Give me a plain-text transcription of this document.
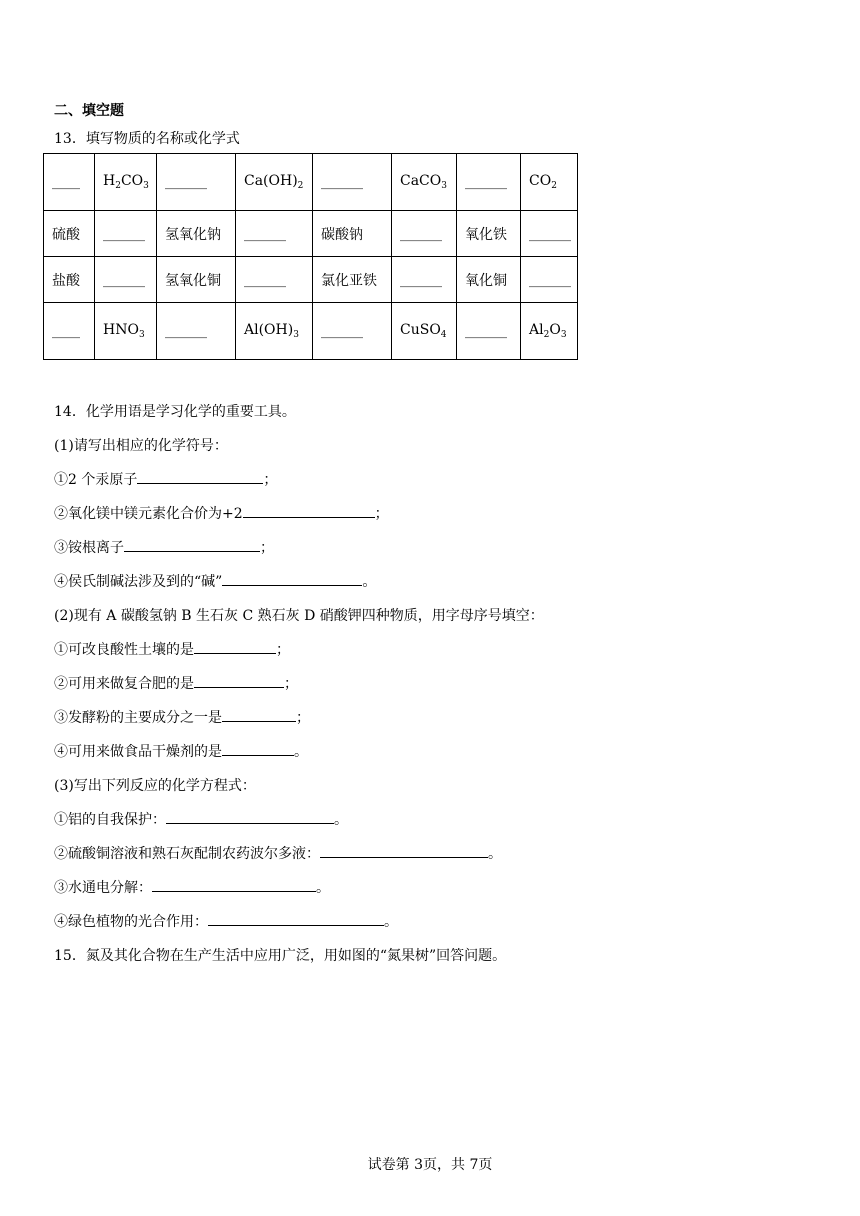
二、填空题
13．填写物质的名称或化学式
____	$H_2CO_3$	______	$Ca(OH)_2$	______	CaCO$_3$	______	$CO_2$
硫酸	______	氢氧化钠	______	碳酸钠	______	氧化铁	______
盐酸	______	氢氧化铜	______	氯化亚铁	______	氧化铜	______
____	$HNO_3$	______	$Al(OH)_3$	______	CuSO$_4$	______	$Al_2O_3$
14．化学用语是学习化学的重要工具。
(1)请写出相应的化学符号：
①2 个汞原子	；
②氧化镁中镁元素化合价为+2	；
③铵根离子	；
④侯氏制碱法涉及到的“碱”	。
(2)现有 A 碳酸氢钠 B 生石灰 C 熟石灰 D 硝酸钾四种物质，用字母序号填空：
①可改良酸性土壤的是	；
②可用来做复合肥的是	；
③发酵粉的主要成分之一是	；
④可用来做食品干燥剂的是	。
(3)写出下列反应的化学方程式：
①铝的自我保护：	。
②硫酸铜溶液和熟石灰配制农药波尔多液：	。
③水通电分解：	。
④绿色植物的光合作用：	。
15．氮及其化合物在生产生活中应用广泛，用如图的“氮果树”回答问题。
试卷第 3页，共 7页
